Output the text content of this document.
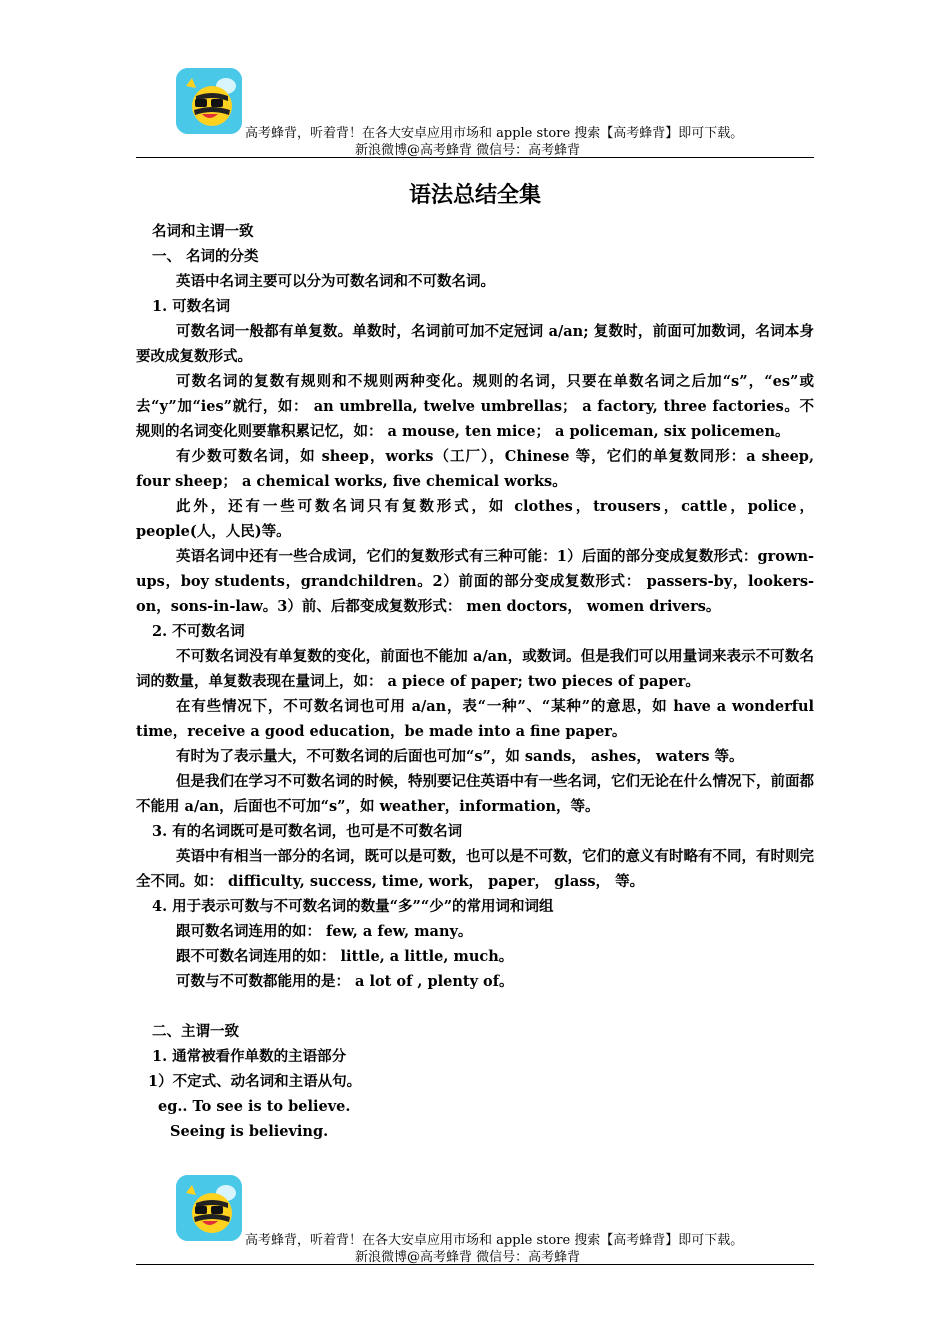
高考蜂背，听着背！在各大安卓应用市场和 apple store 搜索【高考蜂背】即可下载。
新浪微博@高考蜂背 微信号：高考蜂背
语法总结全集

名词和主谓一致

一、 名词的分类

英语中名词主要可以分为可数名词和不可数名词。

1. 可数名词

可数名词一般都有单复数。单数时，名词前可加不定冠词 a/an; 复数时，前面可加数词，名词本身要改成复数形式。

可数名词的复数有规则和不规则两种变化。规则的名词，只要在单数名词之后加“s”，“es”或去“y”加“ies”就行，如： an umbrella, twelve umbrellas； a factory, three factories。不规则的名词变化则要靠积累记忆，如： a mouse, ten mice； a policeman, six policemen。

有少数可数名词，如 sheep，works（工厂），Chinese 等，它们的单复数同形：a sheep, four sheep； a chemical works, five chemical works。

此外，还有一些可数名词只有复数形式，如 clothes，trousers，cattle，police，people(人，人民)等。

英语名词中还有一些合成词，它们的复数形式有三种可能：1）后面的部分变成复数形式：grown-ups，boy students，grandchildren。2）前面的部分变成复数形式： passers-by，lookers-on，sons-in-law。3）前、后都变成复数形式： men doctors， women drivers。

2. 不可数名词

不可数名词没有单复数的变化，前面也不能加 a/an，或数词。但是我们可以用量词来表示不可数名词的数量，单复数表现在量词上，如： a piece of paper; two pieces of paper。

在有些情况下，不可数名词也可用 a/an，表“一种”、“某种”的意思，如 have a wonderful time，receive a good education，be made into a fine paper。

有时为了表示量大，不可数名词的后面也可加“s”，如 sands， ashes， waters 等。

但是我们在学习不可数名词的时候，特别要记住英语中有一些名词，它们无论在什么情况下，前面都不能用 a/an，后面也不可加“s”，如 weather，information，等。

3. 有的名词既可是可数名词，也可是不可数名词

英语中有相当一部分的名词，既可以是可数，也可以是不可数，它们的意义有时略有不同，有时则完全不同。如： difficulty, success, time, work， paper， glass， 等。

4. 用于表示可数与不可数名词的数量“多”“少”的常用词和词组

跟可数名词连用的如： few, a few, many。

跟不可数名词连用的如： little, a little, much。

可数与不可数都能用的是： a lot of , plenty of。

二、主谓一致

1. 通常被看作单数的主语部分

1）不定式、动名词和主语从句。

eg.. To see is to believe.

Seeing is believing.

高考蜂背，听着背！在各大安卓应用市场和 apple store 搜索【高考蜂背】即可下载。
新浪微博@高考蜂背 微信号：高考蜂背
